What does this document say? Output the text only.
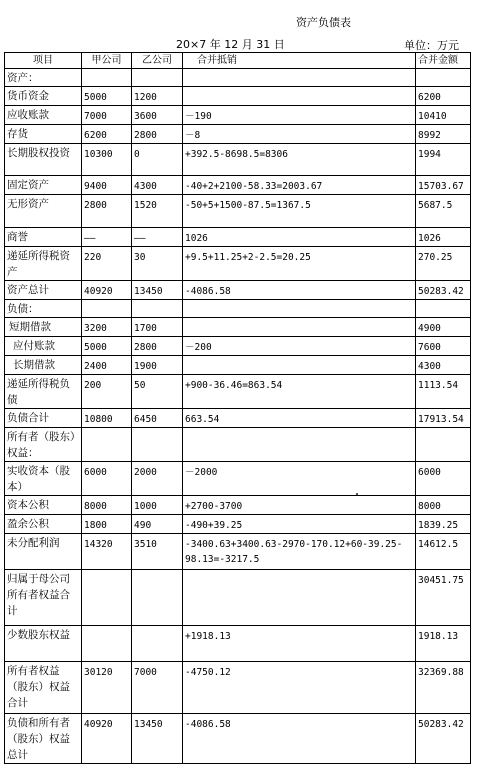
资产负债表
20×7 年 12 月 31 日	单位：万元
项目	甲公司	乙公司	合并抵销	合并金额
资产：				
货币资金	5000	1200		6200
应收账款	7000	3600	－190	10410
存货	6200	2800	－8	8992
长期股权投资	10300	0	+392.5-8698.5=8306	1994
固定资产	9400	4300	-40+2+2100-58.33=2003.67	15703.67
无形资产	2800	1520	-50+5+1500-87.5=1367.5	5687.5
商誉	——	——	1026	1026
递延所得税资产	220	30	+9.5+11.25+2-2.5=20.25	270.25
资产总计	40920	13450	-4086.58	50283.42
负债：				
短期借款	3200	1700		4900
应付账款	5000	2800	－200	7600
长期借款	2400	1900		4300
递延所得税负债	200	50	+900-36.46=863.54	1113.54
负债合计	10800	6450	663.54	17913.54
所有者（股东）权益：				
实收资本（股本）	6000	2000	－2000	6000
资本公积	8000	1000	+2700-3700	8000
盈余公积	1800	490	-490+39.25	1839.25
未分配利润	14320	3510	-3400.63+3400.63-2970-170.12+60-39.25-98.13=-3217.5	14612.5
归属于母公司所有者权益合计				30451.75
少数股东权益			+1918.13	1918.13
所有者权益（股东）权益合计	30120	7000	-4750.12	32369.88
负债和所有者（股东）权益总计	40920	13450	-4086.58	50283.42
